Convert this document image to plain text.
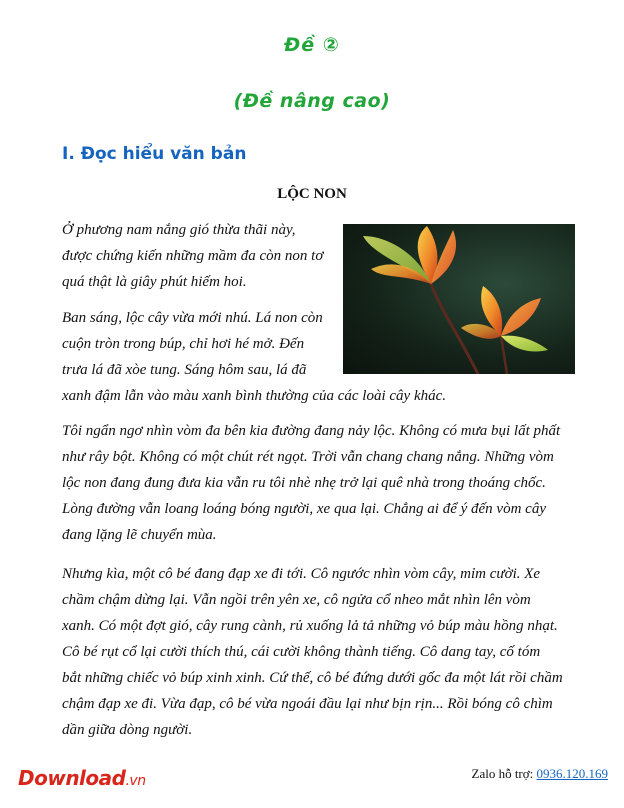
Đề ②
(Đề nâng cao)
I. Đọc hiểu văn bản
LỘC NON

Ở phương nam nắng gió thừa thãi này,
được chứng kiến những mầm đa còn non tơ
quá thật là giây phút hiếm hoi.

Ban sáng, lộc cây vừa mới nhú. Lá non còn
cuộn tròn trong búp, chỉ hơi hé mở. Đến
trưa lá đã xòe tung. Sáng hôm sau, lá đã

xanh đậm lẫn vào màu xanh bình thường của các loài cây khác.

Tôi ngẩn ngơ nhìn vòm đa bên kia đường đang nảy lộc. Không có mưa bụi lất phất
như rây bột. Không có một chút rét ngọt. Trời vẫn chang chang nắng. Những vòm
lộc non đang đung đưa kia vẫn ru tôi nhè nhẹ trở lại quê nhà trong thoáng chốc.
Lòng đường vẫn loang loáng bóng người, xe qua lại. Chẳng ai để ý đến vòm cây
đang lặng lẽ chuyển mùa.

Nhưng kìa, một cô bé đang đạp xe đi tới. Cô ngước nhìn vòm cây, mỉm cười. Xe
chầm chậm dừng lại. Vẫn ngồi trên yên xe, cô ngửa cổ nheo mắt nhìn lên vòm
xanh. Có một đợt gió, cây rung cành, rủ xuống lả tả những vỏ búp màu hồng nhạt.
Cô bé rụt cổ lại cười thích thú, cái cười không thành tiếng. Cô dang tay, cố tóm
bắt những chiếc vỏ búp xinh xinh. Cứ thế, cô bé đứng dưới gốc đa một lát rồi chầm
chậm đạp xe đi. Vừa đạp, cô bé vừa ngoái đầu lại như bịn rịn... Rồi bóng cô chìm
dần giữa dòng người.

Download.vn	Zalo hỗ trợ: 0936.120.169
